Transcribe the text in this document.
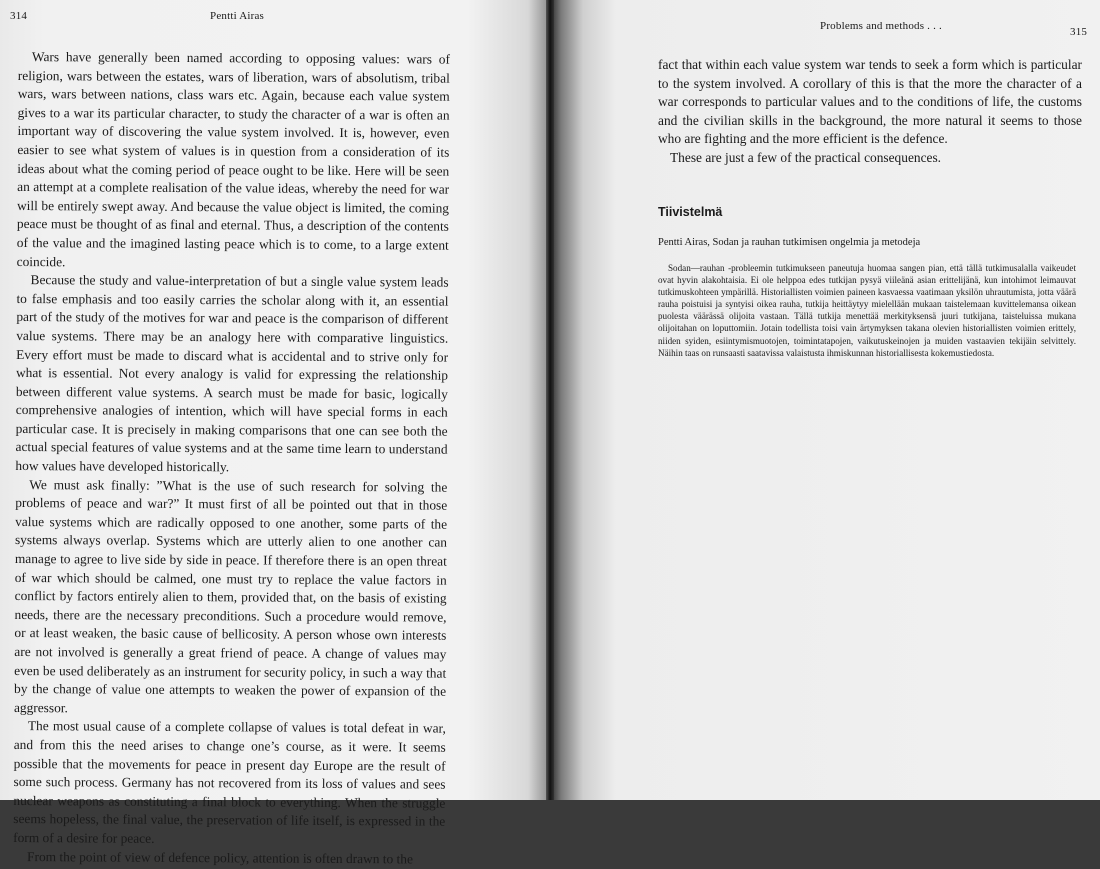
314	Pentti Airas

Wars have generally been named according to opposing values: wars of religion, wars between the estates, wars of liberation, wars of absolutism, tribal wars, wars between nations, class wars etc. Again, because each value system gives to a war its particular character, to study the character of a war is often an important way of discovering the value system involved. It is, however, even easier to see what system of values is in question from a consideration of its ideas about what the coming period of peace ought to be like. Here will be seen an attempt at a complete realisation of the value ideas, whereby the need for war will be entirely swept away. And because the value object is limited, the coming peace must be thought of as final and eternal. Thus, a description of the contents of the value and the imagined lasting peace which is to come, to a large extent coincide.

Because the study and value-interpretation of but a single value system leads to false emphasis and too easily carries the scholar along with it, an essential part of the study of the motives for war and peace is the comparison of different value systems. There may be an analogy here with comparative linguistics. Every effort must be made to discard what is accidental and to strive only for what is essential. Not every analogy is valid for expressing the relationship between different value systems. A search must be made for basic, logically comprehensive analogies of intention, which will have special forms in each particular case. It is precisely in making comparisons that one can see both the actual special features of value systems and at the same time learn to understand how values have developed historically.

We must ask finally: ”What is the use of such research for solving the problems of peace and war?” It must first of all be pointed out that in those value systems which are radically opposed to one another, some parts of the systems always overlap. Systems which are utterly alien to one another can manage to agree to live side by side in peace. If therefore there is an open threat of war which should be calmed, one must try to replace the value factors in conflict by factors entirely alien to them, provided that, on the basis of existing needs, there are the necessary preconditions. Such a procedure would remove, or at least weaken, the basic cause of bellicosity. A person whose own interests are not involved is generally a great friend of peace. A change of values may even be used deliberately as an instrument for security policy, in such a way that by the change of value one attempts to weaken the power of expansion of the aggressor.

The most usual cause of a complete collapse of values is total defeat in war, and from this the need arises to change one’s course, as it were. It seems possible that the movements for peace in present day Europe are the result of some such process. Germany has not recovered from its loss of values and sees nuclear weapons as constituting a final block to everything. When the struggle seems hopeless, the final value, the preservation of life itself, is expressed in the form of a desire for peace.

From the point of view of defence policy, attention is often drawn to the

Problems and methods . . .	315

fact that within each value system war tends to seek a form which is particular to the system involved. A corollary of this is that the more the character of a war corresponds to particular values and to the conditions of life, the customs and the civilian skills in the background, the more natural it seems to those who are fighting and the more efficient is the defence.

These are just a few of the practical consequences.

Tiivistelmä
Pentti Airas, Sodan ja rauhan tutkimisen ongelmia ja metodeja

Sodan—rauhan -probleemin tutkimukseen paneutuja huomaa sangen pian, että tällä tutkimusalalla vaikeudet ovat hyvin alakohtaisia. Ei ole helppoa edes tutkijan pysyä viileänä asian erittelijänä, kun intohimot leimauvat tutkimuskohteen ympärillä. Historiallisten voimien paineen kasvaessa vaatimaan yksilön uhrautumista, jotta väärä rauha poistuisi ja syntyisi oikea rauha, tutkija heittäytyy mielellään mukaan taistelemaan kuvittelemansa oikean puolesta väärässä olijoita vastaan. Tällä tutkija menettää merkityksensä juuri tutkijana, taisteluissa mukana olijoitahan on loputtomiin. Jotain todellista toisi vain ärtymyksen takana olevien historiallisten voimien erittely, niiden syiden, esiintymismuotojen, toimintatapojen, vaikutuskeinojen ja muiden vastaavien tekijäin selvittely. Näihin taas on runsaasti saatavissa valaistusta ihmiskunnan historiallisesta kokemustiedosta.
